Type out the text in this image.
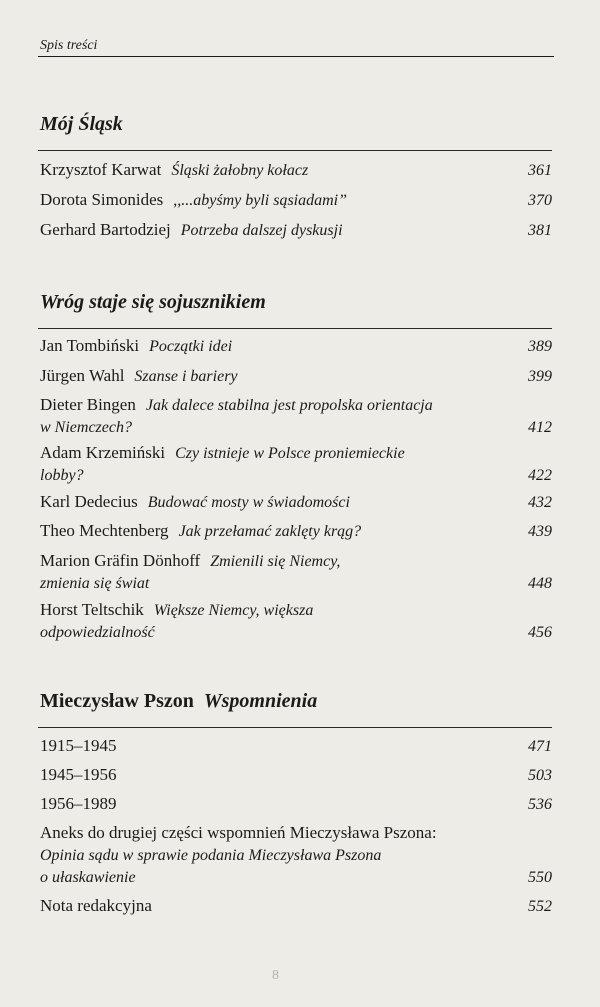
Spis treści
Mój Śląsk
Krzysztof Karwat Śląski żałobny kołacz	361
Dorota Simonides ,,...abyśmy byli sąsiadami”	370
Gerhard Bartodziej Potrzeba dalszej dyskusji	381
Wróg staje się sojusznikiem
Jan Tombiński Początki idei	389
Jürgen Wahl Szanse i bariery	399
Dieter Bingen Jak dalece stabilna jest propolska orientacja
w Niemczech?	412
Adam Krzemiński Czy istnieje w Polsce proniemieckie
lobby?	422
Karl Dedecius Budować mosty w świadomości	432
Theo Mechtenberg Jak przełamać zaklęty krąg?	439
Marion Gräfin Dönhoff Zmienili się Niemcy,
zmienia się świat	448
Horst Teltschik Większe Niemcy, większa
odpowiedzialność	456
Mieczysław Pszon Wspomnienia
1915–1945	471
1945–1956	503
1956–1989	536
Aneks do drugiej części wspomnień Mieczysława Pszona:
Opinia sądu w sprawie podania Mieczysława Pszona
o ułaskawienie	550
Nota redakcyjna	552
8
